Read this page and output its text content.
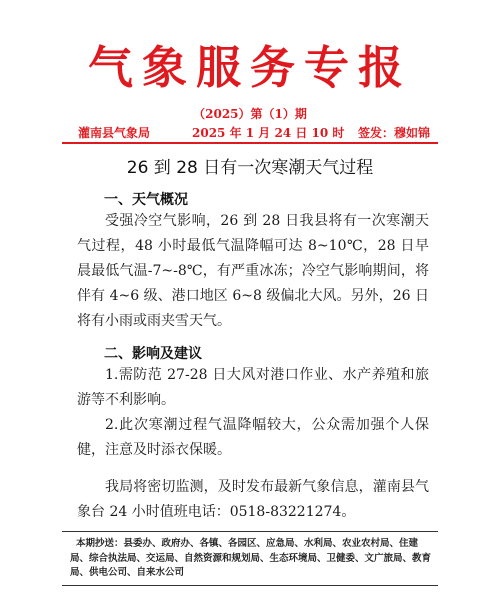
气象服务专报
（2025）第（1）期
灌南县气象局	2025 年 1 月 24 日 10 时 签发：穆如锦
26 到 28 日有一次寒潮天气过程
一、天气概况

受强冷空气影响，26 到 28 日我县将有一次寒潮天气过程，48 小时最低气温降幅可达 8~10℃，28 日早晨最低气温-7~-8℃，有严重冰冻；冷空气影响期间，将伴有 4~6 级、港口地区 6~8 级偏北大风。另外，26 日将有小雨或雨夹雪天气。

二、影响及建议

1.需防范 27-28 日大风对港口作业、水产养殖和旅游等不利影响。

2.此次寒潮过程气温降幅较大，公众需加强个人保健，注意及时添衣保暖。

我局将密切监测，及时发布最新气象信息，灌南县气象台 24 小时值班电话：0518-83221274。

本期抄送：县委办、政府办、各镇、各园区、应急局、水利局、农业农村局、住建局、综合执法局、交运局、自然资源和规划局、生态环境局、卫健委、文广旅局、教育局、供电公司、自来水公司
